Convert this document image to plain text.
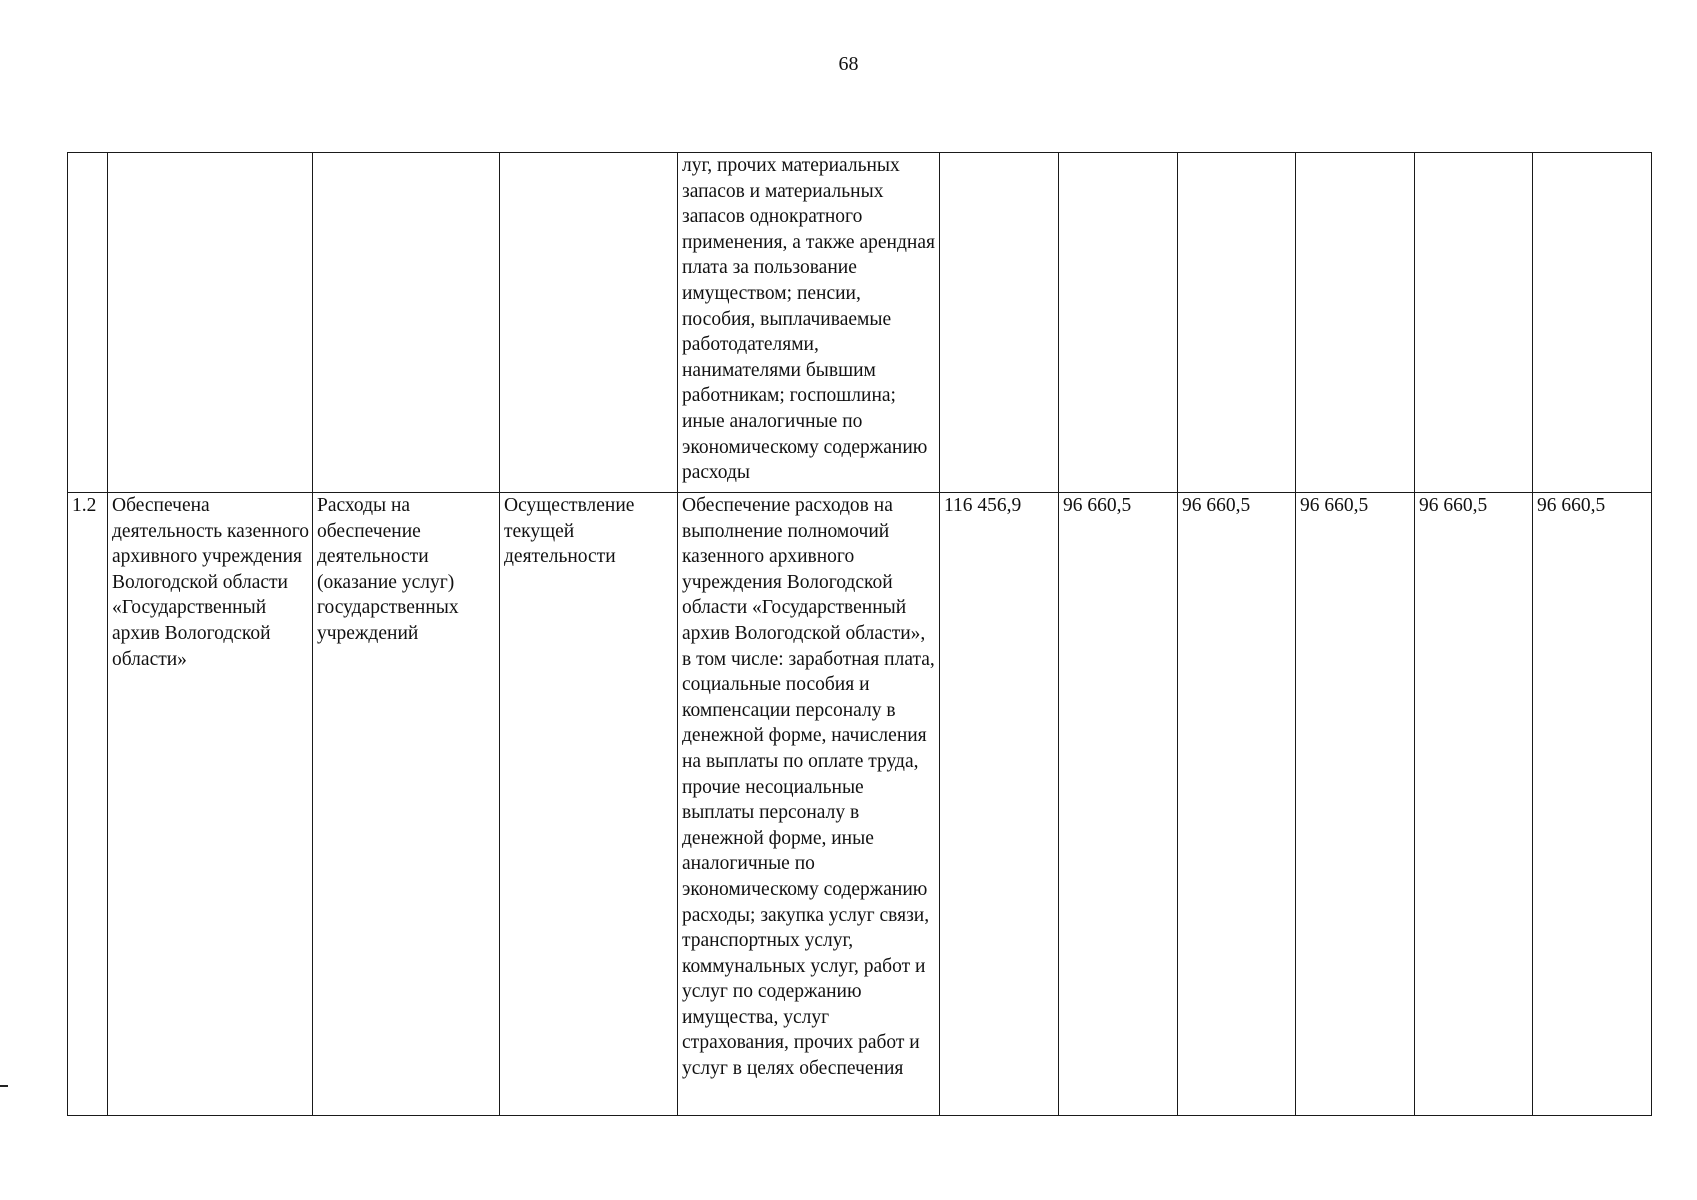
68
				луг, прочих материальных запасов и материальных запасов однократного применения, а также арендная плата за пользование имуществом; пенсии, пособия, выплачиваемые работодателями, нанимателями бывшим работникам; госпошлина; иные аналогичные по экономическому содержанию расходы						
1.2	Обеспечена деятельность казенного архивного учреждения Вологодской области «Государственный архив Вологодской области»	Расходы на обеспечение деятельности (оказание услуг) государственных учреждений	Осуществление текущей деятельности	Обеспечение расходов на выполнение полномочий казенного архивного учреждения Вологодской области «Государственный архив Вологодской области», в том числе: заработная плата, социальные пособия и компенсации персоналу в денежной форме, начисления на выплаты по оплате труда, прочие несоциальные выплаты персоналу в денежной форме, иные аналогичные по экономическому содержанию расходы; закупка услуг связи, транспортных услуг, коммунальных услуг, работ и услуг по содержанию имущества, услуг страхования, прочих работ и услуг в целях обеспечения	116 456,9	96 660,5	96 660,5	96 660,5	96 660,5	96 660,5
